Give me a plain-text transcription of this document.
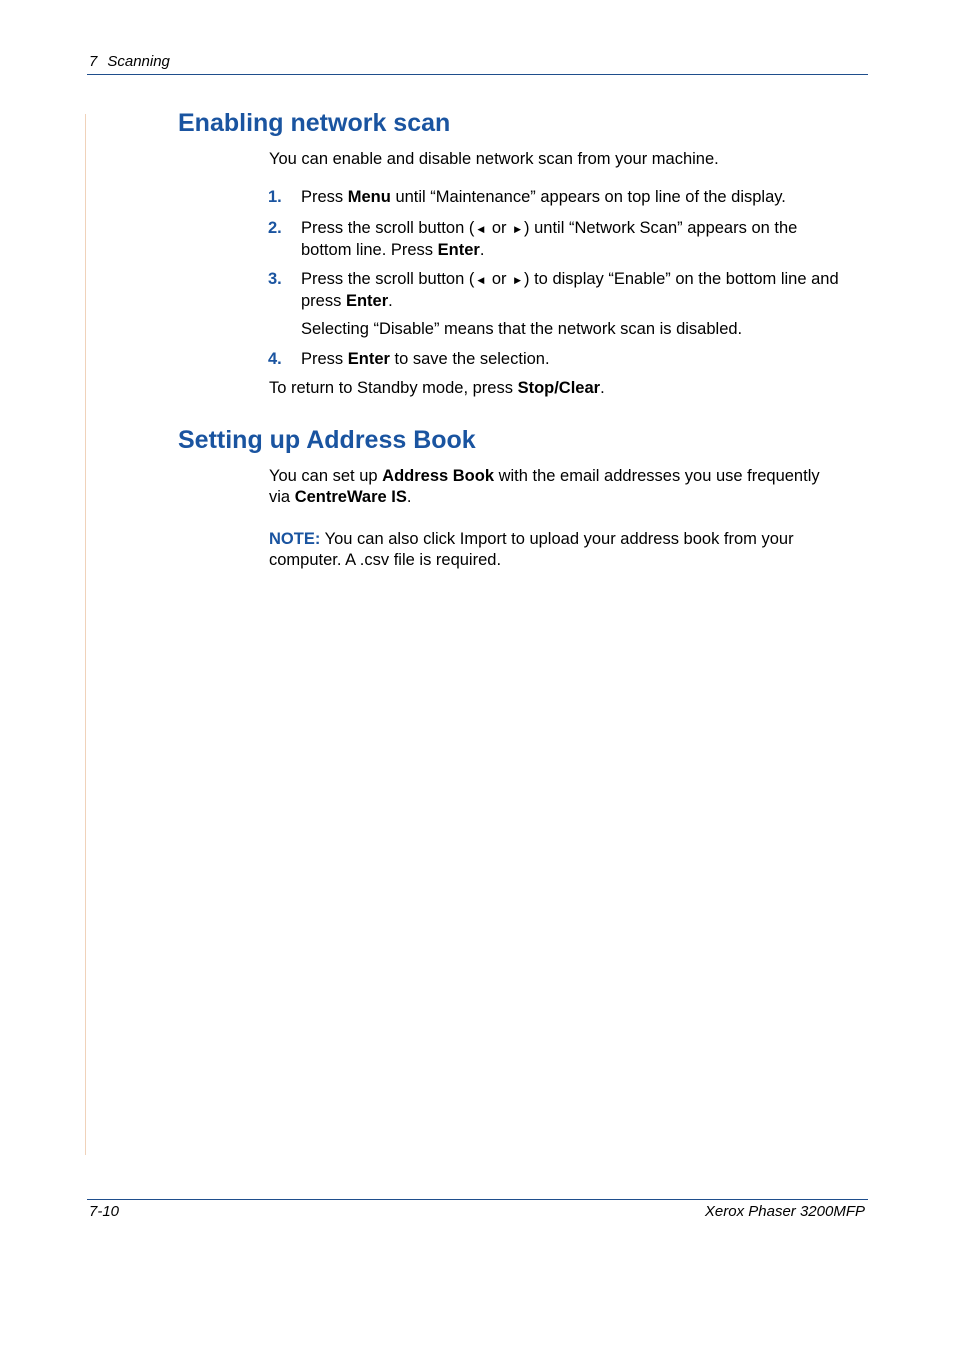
7 Scanning
Enabling network scan

You can enable and disable network scan from your machine.

1. Press Menu until “Maintenance” appears on top line of the display.

2. Press the scroll button ( ◀ or ▶ ) until “Network Scan” appears on the
bottom line. Press Enter.

3. Press the scroll button ( ◀ or ▶ ) to display “Enable” on the bottom line and
press Enter.

Selecting “Disable” means that the network scan is disabled.

4. Press Enter to save the selection.

To return to Standby mode, press Stop/Clear.

Setting up Address Book

You can set up Address Book with the email addresses you use frequently
via CentreWare IS.

NOTE: You can also click Import to upload your address book from your
computer. A .csv file is required.

7-10	Xerox Phaser 3200MFP
